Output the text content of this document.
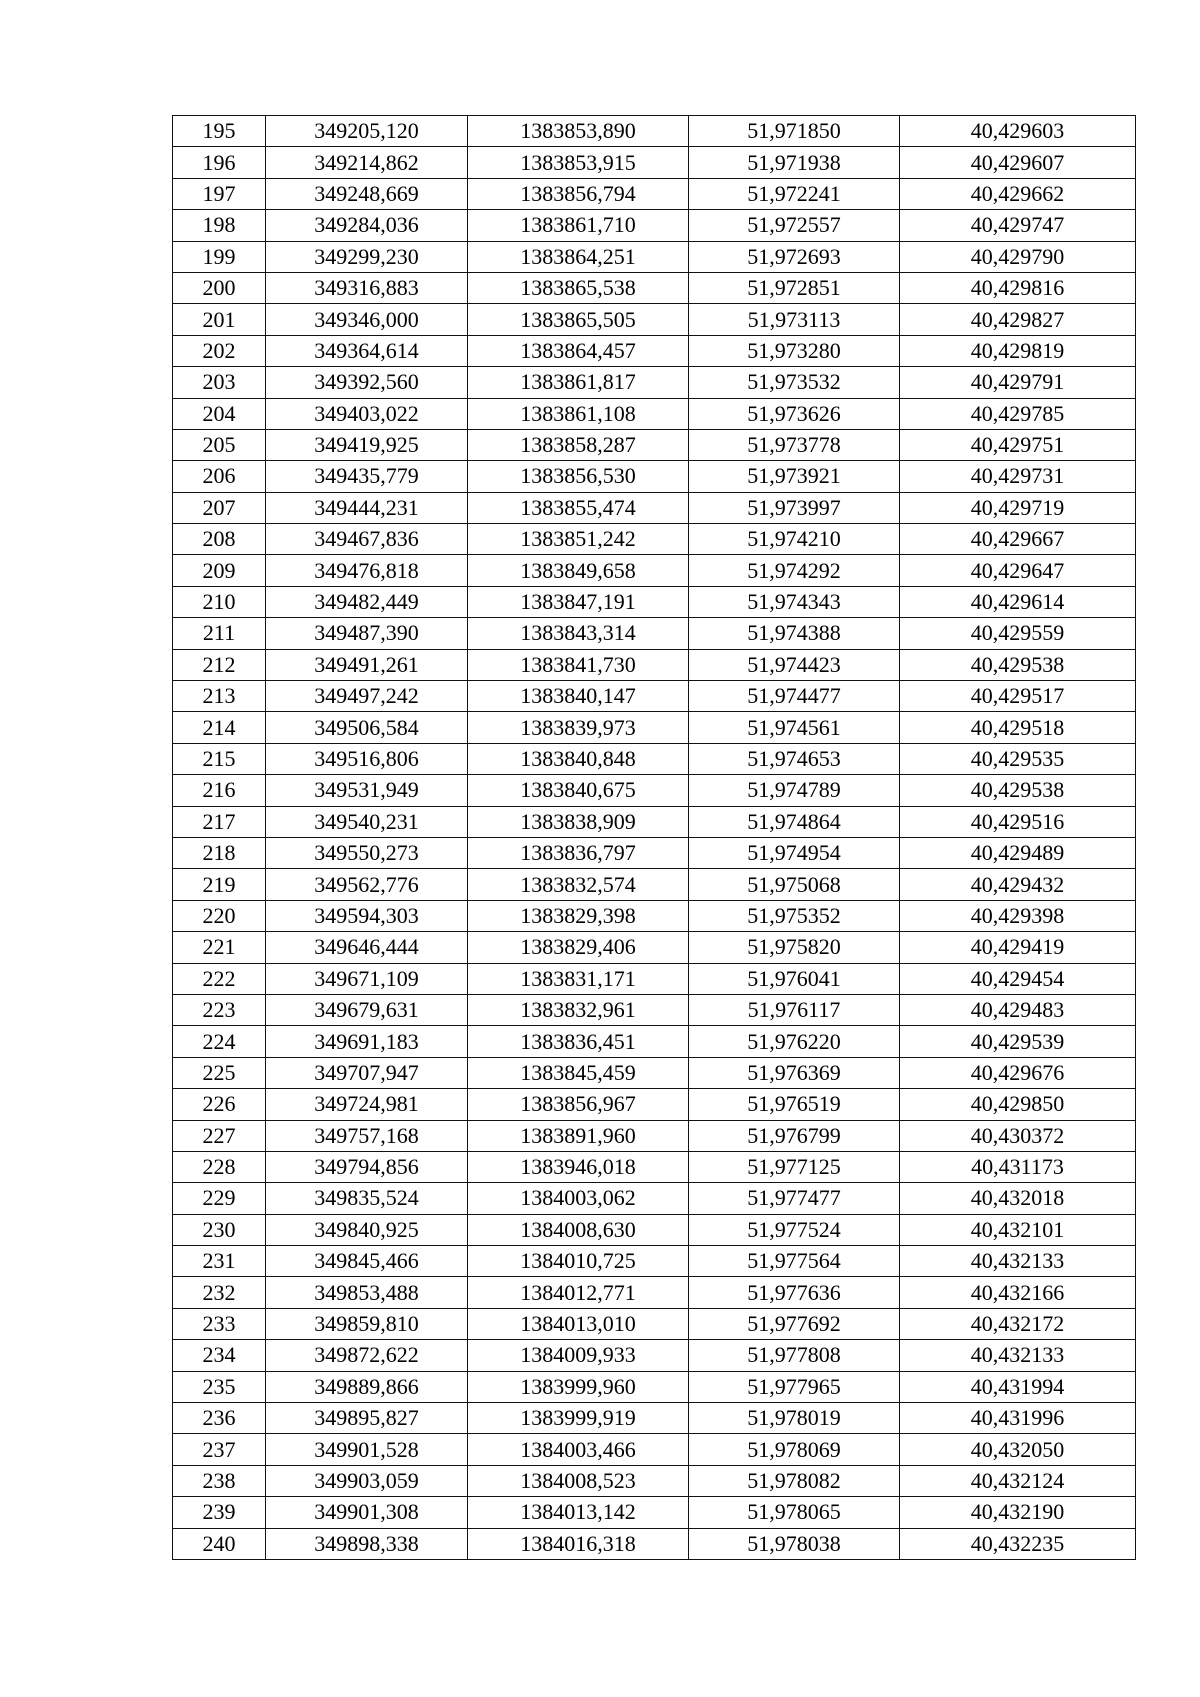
195	349205,120	1383853,890	51,971850	40,429603
196	349214,862	1383853,915	51,971938	40,429607
197	349248,669	1383856,794	51,972241	40,429662
198	349284,036	1383861,710	51,972557	40,429747
199	349299,230	1383864,251	51,972693	40,429790
200	349316,883	1383865,538	51,972851	40,429816
201	349346,000	1383865,505	51,973113	40,429827
202	349364,614	1383864,457	51,973280	40,429819
203	349392,560	1383861,817	51,973532	40,429791
204	349403,022	1383861,108	51,973626	40,429785
205	349419,925	1383858,287	51,973778	40,429751
206	349435,779	1383856,530	51,973921	40,429731
207	349444,231	1383855,474	51,973997	40,429719
208	349467,836	1383851,242	51,974210	40,429667
209	349476,818	1383849,658	51,974292	40,429647
210	349482,449	1383847,191	51,974343	40,429614
211	349487,390	1383843,314	51,974388	40,429559
212	349491,261	1383841,730	51,974423	40,429538
213	349497,242	1383840,147	51,974477	40,429517
214	349506,584	1383839,973	51,974561	40,429518
215	349516,806	1383840,848	51,974653	40,429535
216	349531,949	1383840,675	51,974789	40,429538
217	349540,231	1383838,909	51,974864	40,429516
218	349550,273	1383836,797	51,974954	40,429489
219	349562,776	1383832,574	51,975068	40,429432
220	349594,303	1383829,398	51,975352	40,429398
221	349646,444	1383829,406	51,975820	40,429419
222	349671,109	1383831,171	51,976041	40,429454
223	349679,631	1383832,961	51,976117	40,429483
224	349691,183	1383836,451	51,976220	40,429539
225	349707,947	1383845,459	51,976369	40,429676
226	349724,981	1383856,967	51,976519	40,429850
227	349757,168	1383891,960	51,976799	40,430372
228	349794,856	1383946,018	51,977125	40,431173
229	349835,524	1384003,062	51,977477	40,432018
230	349840,925	1384008,630	51,977524	40,432101
231	349845,466	1384010,725	51,977564	40,432133
232	349853,488	1384012,771	51,977636	40,432166
233	349859,810	1384013,010	51,977692	40,432172
234	349872,622	1384009,933	51,977808	40,432133
235	349889,866	1383999,960	51,977965	40,431994
236	349895,827	1383999,919	51,978019	40,431996
237	349901,528	1384003,466	51,978069	40,432050
238	349903,059	1384008,523	51,978082	40,432124
239	349901,308	1384013,142	51,978065	40,432190
240	349898,338	1384016,318	51,978038	40,432235
